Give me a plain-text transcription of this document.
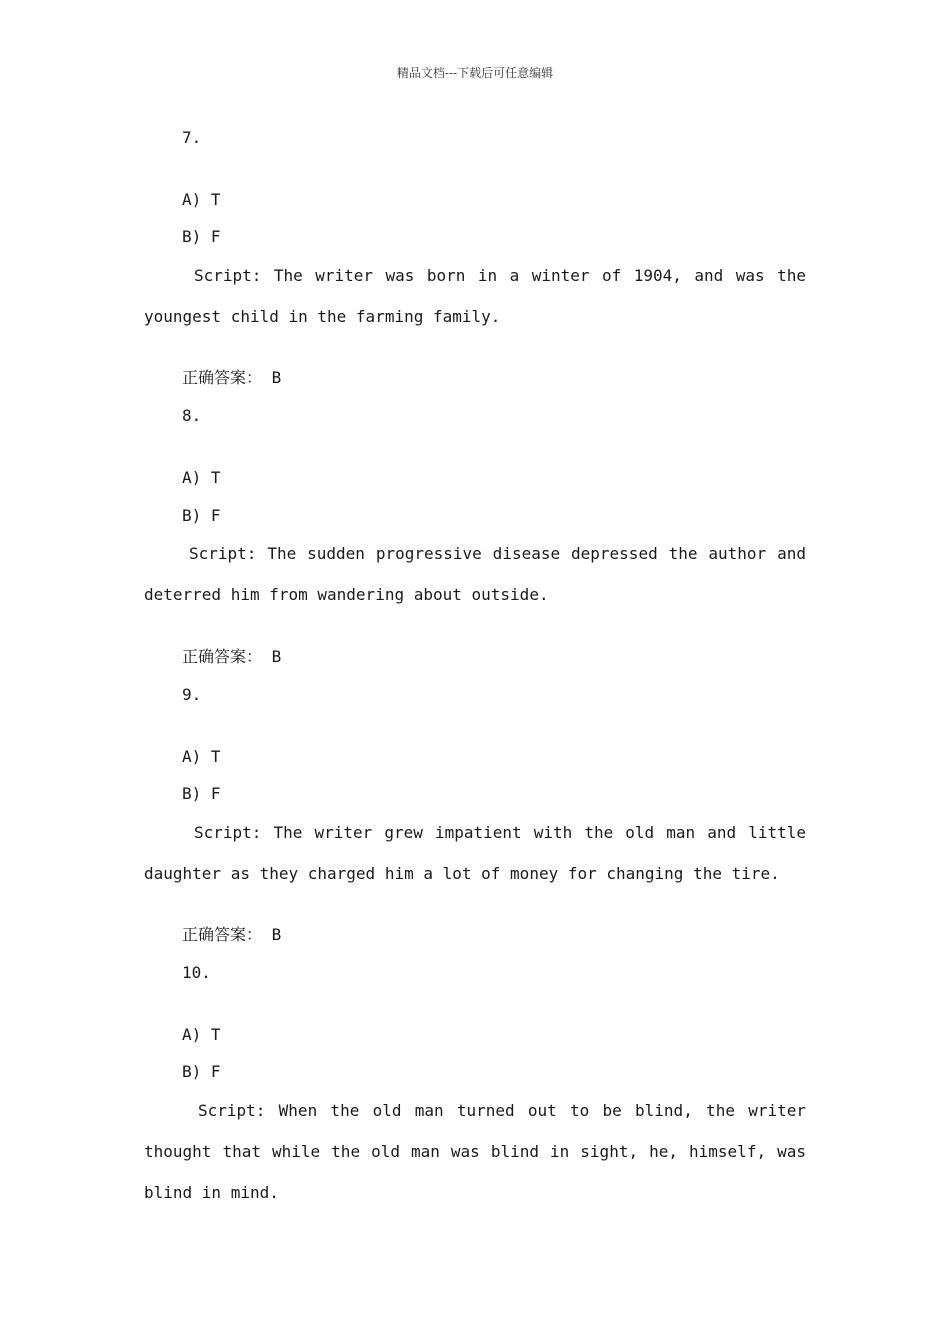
精品文档---下载后可任意编辑
7.
A) T
B) F
Script: The writer was born in a winter of 1904, and was the youngest child in the farming family.
正确答案： B
8.
A) T
B) F
Script: The sudden progressive disease depressed the author and deterred him from wandering about outside.
正确答案： B
9.
A) T
B) F
Script: The writer grew impatient with the old man and little daughter as they charged him a lot of money for changing the tire.
正确答案： B
10.
A) T
B) F
Script: When the old man turned out to be blind, the writer thought that while the old man was blind in sight, he, himself, was blind in mind.
